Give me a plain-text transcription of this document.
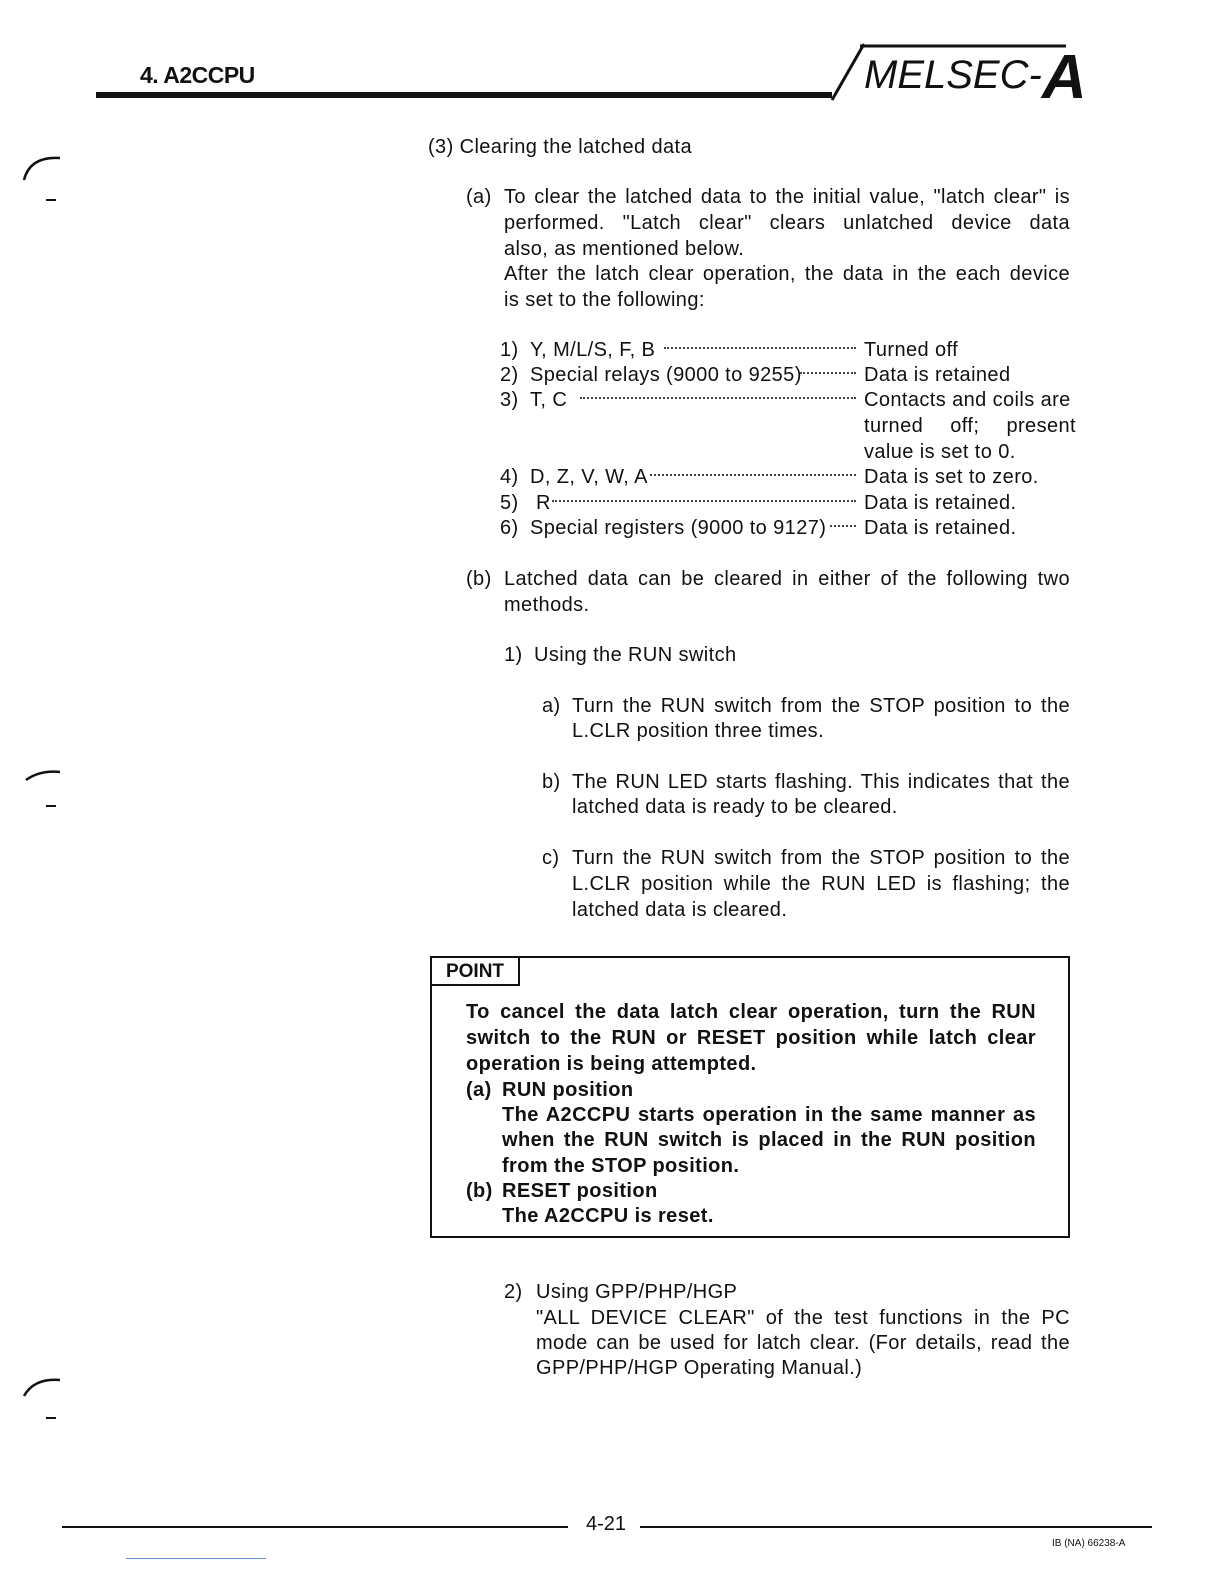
4. A2CCPU	MELSEC-A
(3) Clearing the latched data
(a) To clear the latched data to the initial value, "latch clear" is
performed. "Latch clear" clears unlatched device data
also, as mentioned below.
After the latch clear operation, the data in the each device
is set to the following:
1) Y, M/L/S, F, B	Turned off
2) Special relays (9000 to 9255)	Data is retained
3) T, C	Contacts and coils are
turned off; present
value is set to 0.
4) D, Z, V, W, A	Data is set to zero.
5) R	Data is retained.
6) Special registers (9000 to 9127) Data is retained.
(b) Latched data can be cleared in either of the following two
methods.
1) Using the RUN switch
a) Turn the RUN switch from the STOP position to the
L.CLR position three times.
b) The RUN LED starts flashing. This indicates that the
latched data is ready to be cleared.
c) Turn the RUN switch from the STOP position to the
L.CLR position while the RUN LED is flashing; the
latched data is cleared.
POINT
To cancel the data latch clear operation, turn the RUN
switch to the RUN or RESET position while latch clear
operation is being attempted.
(a) RUN position
The A2CCPU starts operation in the same manner as
when the RUN switch is placed in the RUN position
from the STOP position.
(b) RESET position
The A2CCPU is reset.
2) Using GPP/PHP/HGP
"ALL DEVICE CLEAR" of the test functions in the PC
mode can be used for latch clear. (For details, read the
GPP/PHP/HGP Operating Manual.)
4-21
IB (NA) 66238-A
